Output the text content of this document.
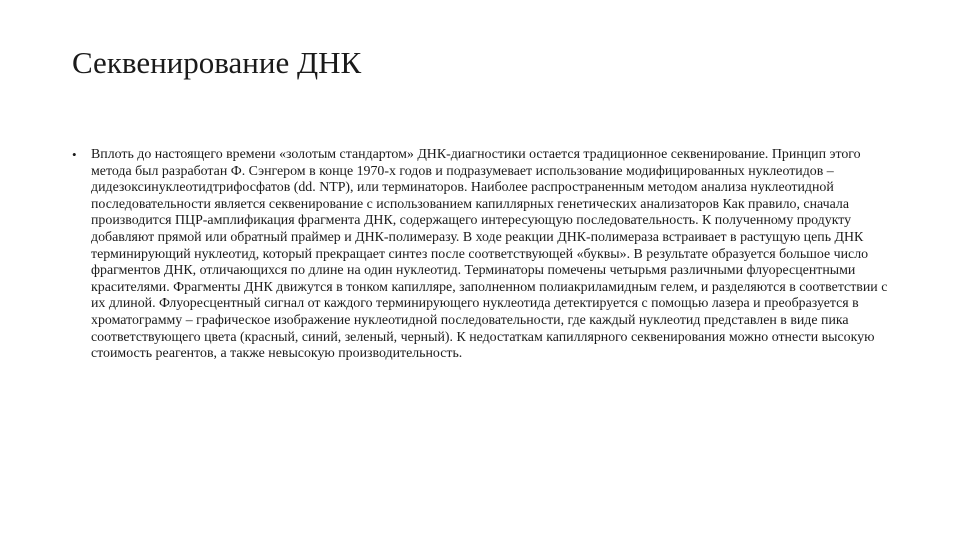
Секвенирование ДНК
•	Вплоть до настоящего времени «золотым стандартом» ДНК-диагностики остается традиционное секвенирование. Принцип этого метода был разработан Ф. Сэнгером в конце 1970-х годов и подразумевает использование модифицированных нуклеотидов – дидезоксинуклеотидтрифосфатов (dd. NTP), или терминаторов. Наиболее распространенным методом анализа нуклеотидной последовательности является секвенирование с использованием капиллярных генетических анализаторов Как правило, сначала производится ПЦР-амплификация фрагмента ДНК, содержащего интересующую последовательность. К полученному продукту добавляют прямой или обратный праймер и ДНК-полимеразу. В ходе реакции ДНК-полимераза встраивает в растущую цепь ДНК терминирующий нуклеотид, который прекращает синтез после соответствующей «буквы». В результате образуется большое число фрагментов ДНК, отличающихся по длине на один нуклеотид. Терминаторы помечены четырьмя различными флуоресцентными красителями. Фрагменты ДНК движутся в тонком капилляре, заполненном полиакриламидным гелем, и разделяются в соответствии с их длиной. Флуоресцентный сигнал от каждого терминирующего нуклеотида детектируется с помощью лазера и преобразуется в хроматограмму – графическое изображение нуклеотидной последовательности, где каждый нуклеотид представлен в виде пика соответствующего цвета (красный, синий, зеленый, черный). К недостаткам капиллярного секвенирования можно отнести высокую стоимость реагентов, а также невысокую производительность.
